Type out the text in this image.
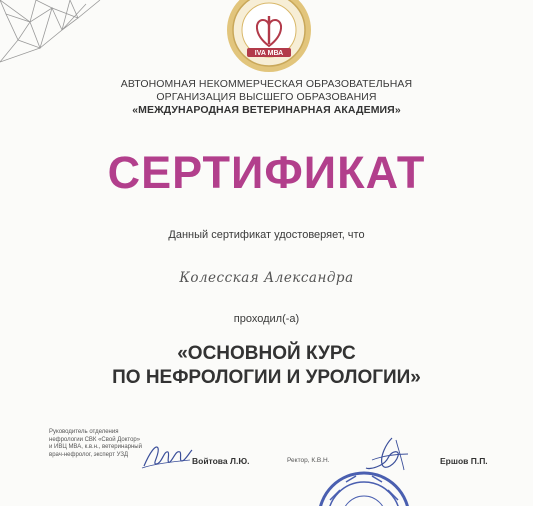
IVA МВА
АВТОНОМНАЯ НЕКОММЕРЧЕСКАЯ ОБРАЗОВАТЕЛЬНАЯ
ОРГАНИЗАЦИЯ ВЫСШЕГО ОБРАЗОВАНИЯ
«МЕЖДУНАРОДНАЯ ВЕТЕРИНАРНАЯ АКАДЕМИЯ»
СЕРТИФИКАТ
Данный сертификат удостоверяет, что
Колесская Александра
проходил(-а)
«ОСНОВНОЙ КУРС
ПО НЕФРОЛОГИИ И УРОЛОГИИ»
Руководитель отделения
нефрологии СВК «Свой Доктор»
и ИВЦ МВА, к.в.н., ветеринарный
врач-нефролог, эксперт УЗД
Войтова Л.Ю.	Ректор, К.В.Н.	Ершов П.П.
